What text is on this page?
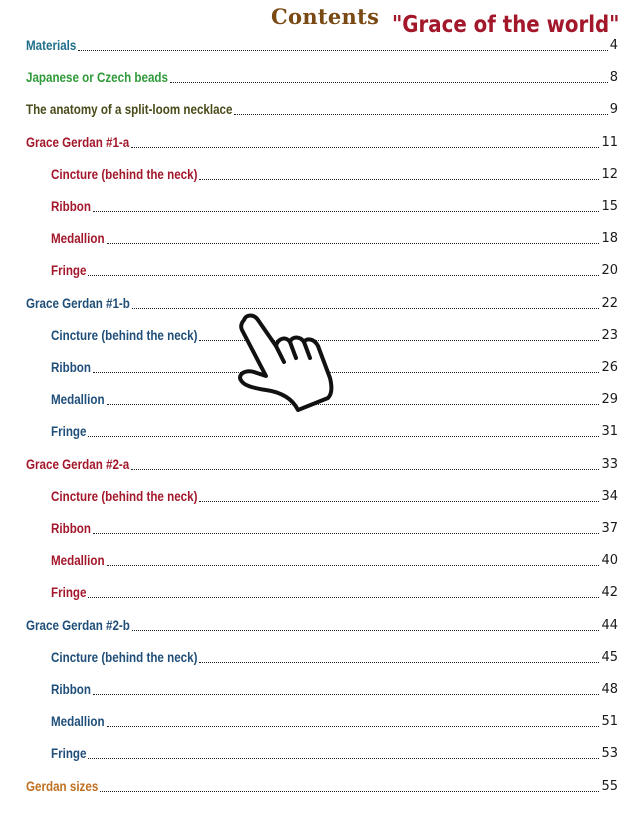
Contents "Grace of the world"
Materials	4
Japanese or Czech beads	8
The anatomy of a split-loom necklace	9
Grace Gerdan #1-a	11
Cincture (behind the neck)	12
Ribbon	15
Medallion	18
Fringe	20
Grace Gerdan #1-b	22
Cincture (behind the neck)	23
Ribbon	26
Medallion	29
Fringe	31
Grace Gerdan #2-a	33
Cincture (behind the neck)	34
Ribbon	37
Medallion	40
Fringe	42
Grace Gerdan #2-b	44
Cincture (behind the neck)	45
Ribbon	48
Medallion	51
Fringe	53
Gerdan sizes	55
